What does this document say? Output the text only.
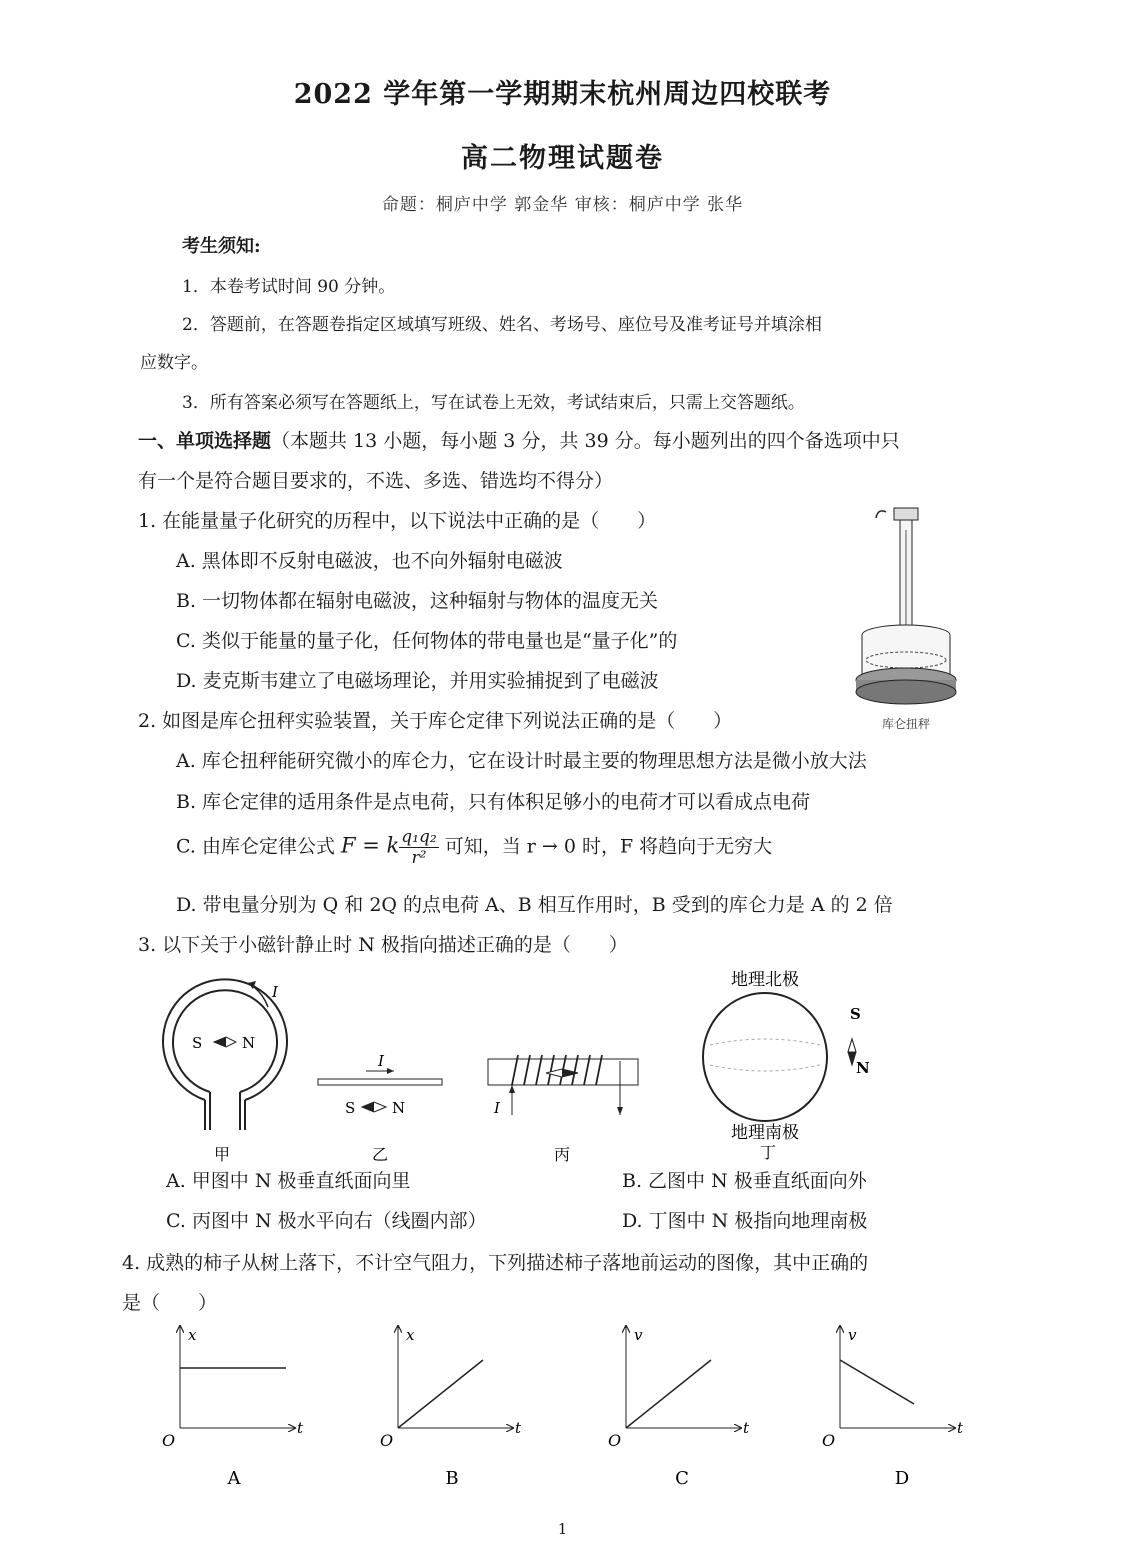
2022 学年第一学期期末杭州周边四校联考
高二物理试题卷
命题：桐庐中学 郭金华 审核：桐庐中学 张华
考生须知:
1．本卷考试时间 90 分钟。
2．答题前，在答题卷指定区域填写班级、姓名、考场号、座位号及准考证号并填涂相
应数字。
3．所有答案必须写在答题纸上，写在试卷上无效，考试结束后，只需上交答题纸。
一、单项选择题（本题共 13 小题，每小题 3 分，共 39 分。每小题列出的四个备选项中只
有一个是符合题目要求的，不选、多选、错选均不得分）
1. 在能量量子化研究的历程中，以下说法中正确的是（　　）
A. 黑体即不反射电磁波，也不向外辐射电磁波
B. 一切物体都在辐射电磁波，这种辐射与物体的温度无关
C. 类似于能量的量子化，任何物体的带电量也是“量子化”的
D. 麦克斯韦建立了电磁场理论，并用实验捕捉到了电磁波
库仑扭秤
2. 如图是库仑扭秤实验装置，关于库仑定律下列说法正确的是（　　）
A. 库仑扭秤能研究微小的库仑力，它在设计时最主要的物理思想方法是微小放大法
B. 库仑定律的适用条件是点电荷，只有体积足够小的电荷才可以看成点电荷
C. 由库仑定律公式 F = k $\frac{\text{q₁q₂}}{\text{r²}}$ 可知，当 r → 0 时，F 将趋向于无穷大
D. 带电量分别为 Q 和 2Q 的点电荷 A、B 相互作用时，B 受到的库仑力是 A 的 2 倍
3. 以下关于小磁针静止时 N 极指向描述正确的是（　　）
I
S	N
甲
I
S N
乙
I
丙
地理北极
地理南极
S
N
丁
A. 甲图中 N 极垂直纸面向里	B. 乙图中 N 极垂直纸面向外
C. 丙图中 N 极水平向右（线圈内部）	D. 丁图中 N 极指向地理南极
4. 成熟的柿子从树上落下，不计空气阻力，下列描述柿子落地前运动的图像，其中正确的
是（　　）
x
t
O
A
x
t
O
B
v
t
O
C
v
t
O
D
1
